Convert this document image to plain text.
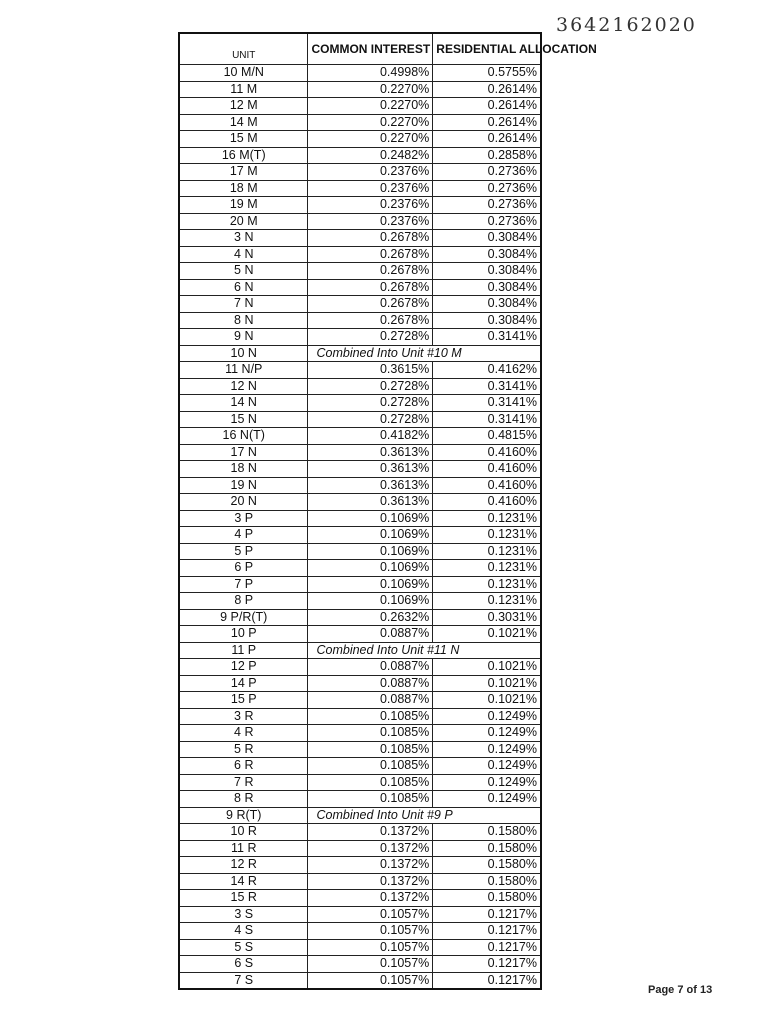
3642162020
UNIT	COMMON INTEREST	RESIDENTIAL ALLOCATION
10 M/N	0.4998%	0.5755%
11 M	0.2270%	0.2614%
12 M	0.2270%	0.2614%
14 M	0.2270%	0.2614%
15 M	0.2270%	0.2614%
16 M(T)	0.2482%	0.2858%
17 M	0.2376%	0.2736%
18 M	0.2376%	0.2736%
19 M	0.2376%	0.2736%
20 M	0.2376%	0.2736%
3 N	0.2678%	0.3084%
4 N	0.2678%	0.3084%
5 N	0.2678%	0.3084%
6 N	0.2678%	0.3084%
7 N	0.2678%	0.3084%
8 N	0.2678%	0.3084%
9 N	0.2728%	0.3141%
10 N	Combined Into Unit #10 M	
11 N/P	0.3615%	0.4162%
12 N	0.2728%	0.3141%
14 N	0.2728%	0.3141%
15 N	0.2728%	0.3141%
16 N(T)	0.4182%	0.4815%
17 N	0.3613%	0.4160%
18 N	0.3613%	0.4160%
19 N	0.3613%	0.4160%
20 N	0.3613%	0.4160%
3 P	0.1069%	0.1231%
4 P	0.1069%	0.1231%
5 P	0.1069%	0.1231%
6 P	0.1069%	0.1231%
7 P	0.1069%	0.1231%
8 P	0.1069%	0.1231%
9 P/R(T)	0.2632%	0.3031%
10 P	0.0887%	0.1021%
11 P	Combined Into Unit #11 N	
12 P	0.0887%	0.1021%
14 P	0.0887%	0.1021%
15 P	0.0887%	0.1021%
3 R	0.1085%	0.1249%
4 R	0.1085%	0.1249%
5 R	0.1085%	0.1249%
6 R	0.1085%	0.1249%
7 R	0.1085%	0.1249%
8 R	0.1085%	0.1249%
9 R(T)	Combined Into Unit #9 P	
10 R	0.1372%	0.1580%
11 R	0.1372%	0.1580%
12 R	0.1372%	0.1580%
14 R	0.1372%	0.1580%
15 R	0.1372%	0.1580%
3 S	0.1057%	0.1217%
4 S	0.1057%	0.1217%
5 S	0.1057%	0.1217%
6 S	0.1057%	0.1217%
7 S	0.1057%	0.1217%
Page 7 of 13
